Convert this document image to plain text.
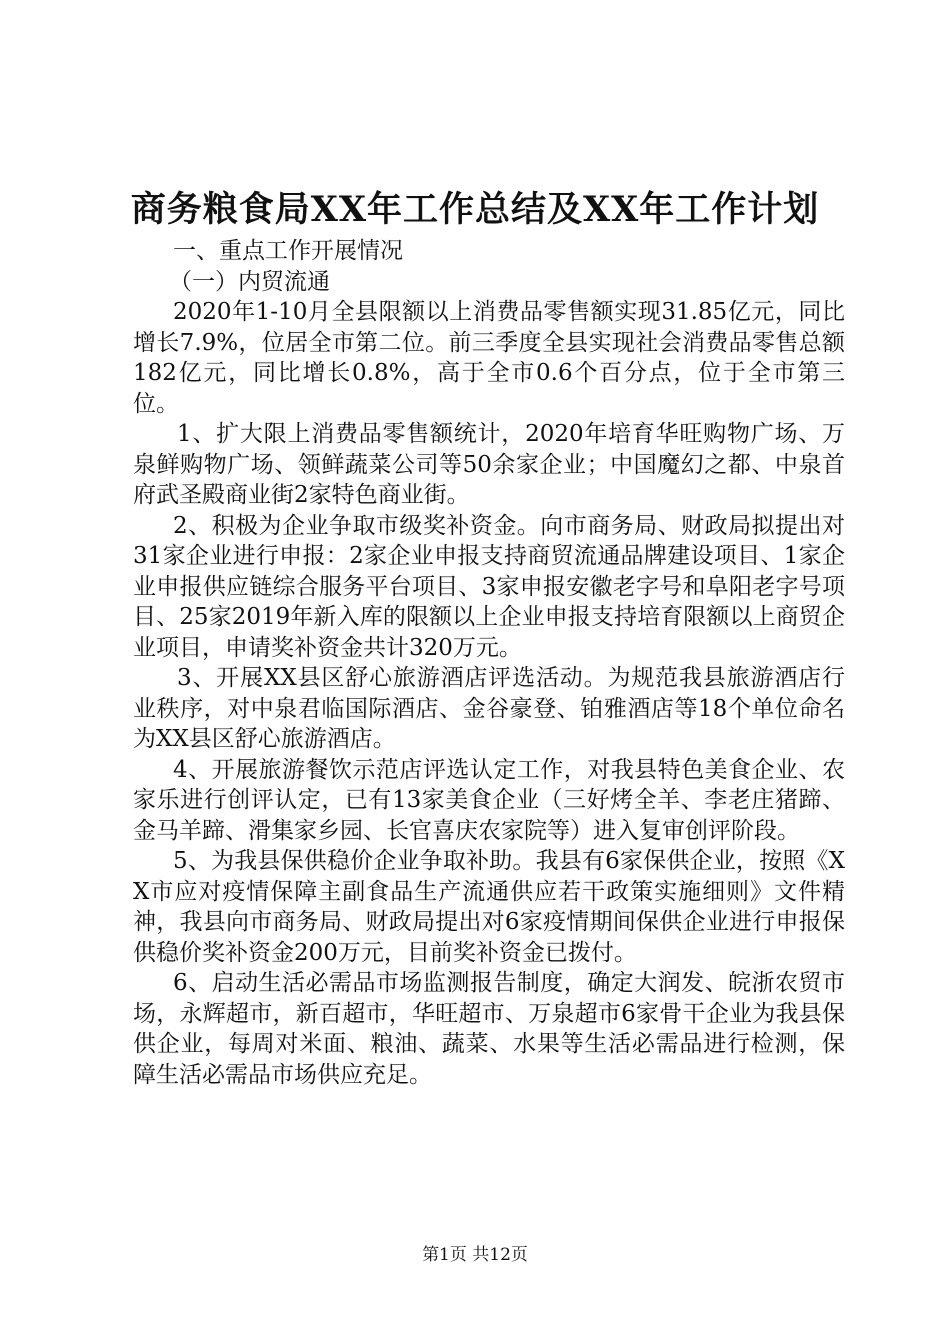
商务粮食局XX年工作总结及XX年工作计划

一、重点工作开展情况

（一）内贸流通

2020年1-10月全县限额以上消费品零售额实现31.85亿元，同比增长7.9%，位居全市第二位。前三季度全县实现社会消费品零售总额182亿元，同比增长0.8%，高于全市0.6个百分点，位于全市第三位。

1、扩大限上消费品零售额统计，2020年培育华旺购物广场、万泉鲜购物广场、领鲜蔬菜公司等50余家企业；中国魔幻之都、中泉首府武圣殿商业街2家特色商业街。

2、积极为企业争取市级奖补资金。向市商务局、财政局拟提出对31家企业进行申报：2家企业申报支持商贸流通品牌建设项目、1家企业申报供应链综合服务平台项目、3家申报安徽老字号和阜阳老字号项目、25家2019年新入库的限额以上企业申报支持培育限额以上商贸企业项目，申请奖补资金共计320万元。

3、开展XX县区舒心旅游酒店评选活动。为规范我县旅游酒店行业秩序，对中泉君临国际酒店、金谷豪登、铂雅酒店等18个单位命名为XX县区舒心旅游酒店。

4、开展旅游餐饮示范店评选认定工作，对我县特色美食企业、农家乐进行创评认定，已有13家美食企业（三好烤全羊、李老庄猪蹄、金马羊蹄、滑集家乡园、长官喜庆农家院等）进入复审创评阶段。

5、为我县保供稳价企业争取补助。我县有6家保供企业，按照《XX市应对疫情保障主副食品生产流通供应若干政策实施细则》文件精神，我县向市商务局、财政局提出对6家疫情期间保供企业进行申报保供稳价奖补资金200万元，目前奖补资金已拨付。

6、启动生活必需品市场监测报告制度，确定大润发、皖浙农贸市场，永辉超市，新百超市，华旺超市、万泉超市6家骨干企业为我县保供企业，每周对米面、粮油、蔬菜、水果等生活必需品进行检测，保障生活必需品市场供应充足。

第1页 共12页
